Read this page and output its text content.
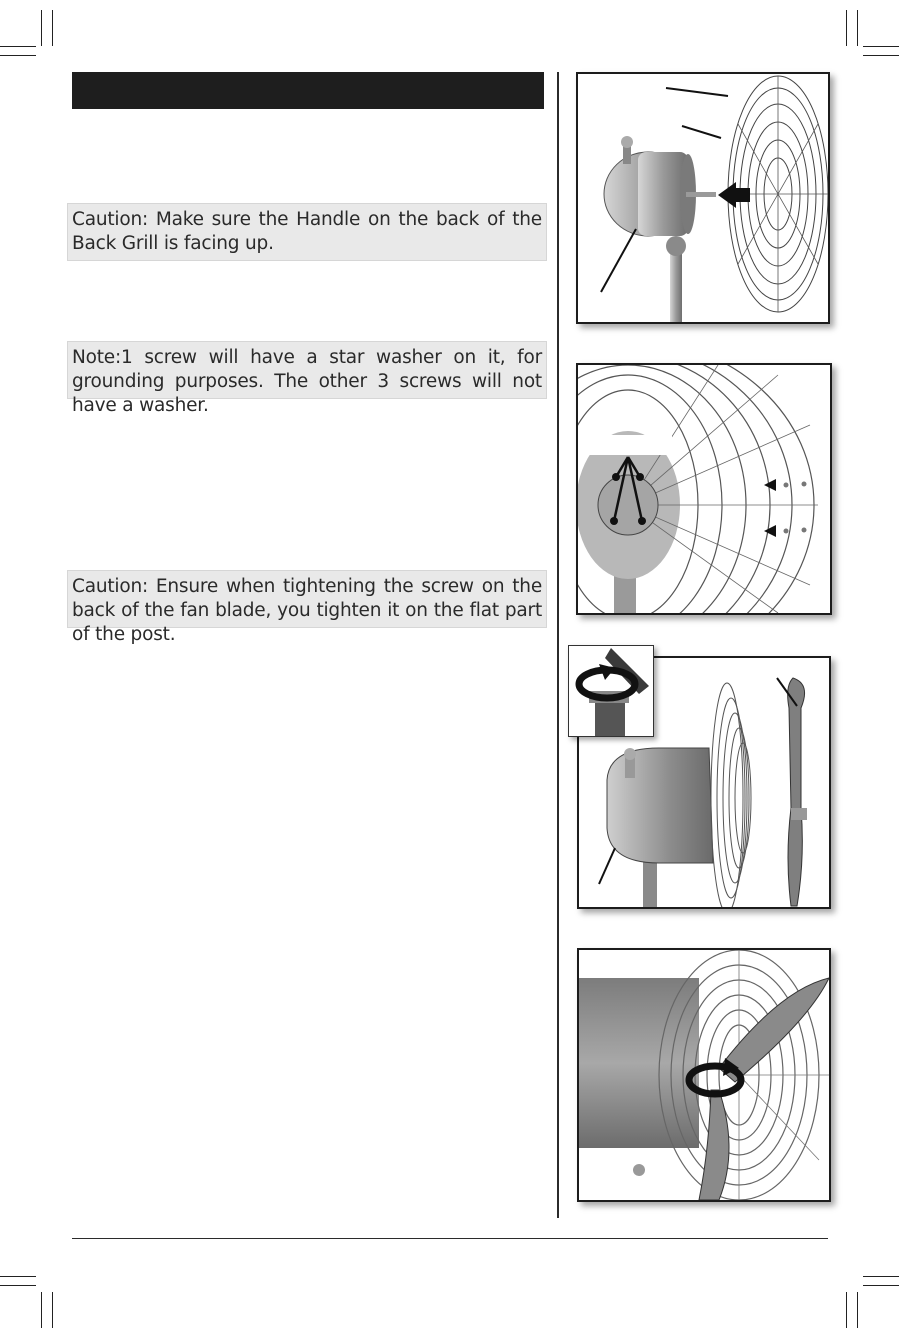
Caution: Make sure the Handle on the back of the Back Grill is facing up.
Note:1 screw will have a star washer on it, for grounding purposes. The other 3 screws will not have a washer.
Caution: Ensure when tightening the screw on the back of the fan blade, you tighten it on the flat part of the post.
